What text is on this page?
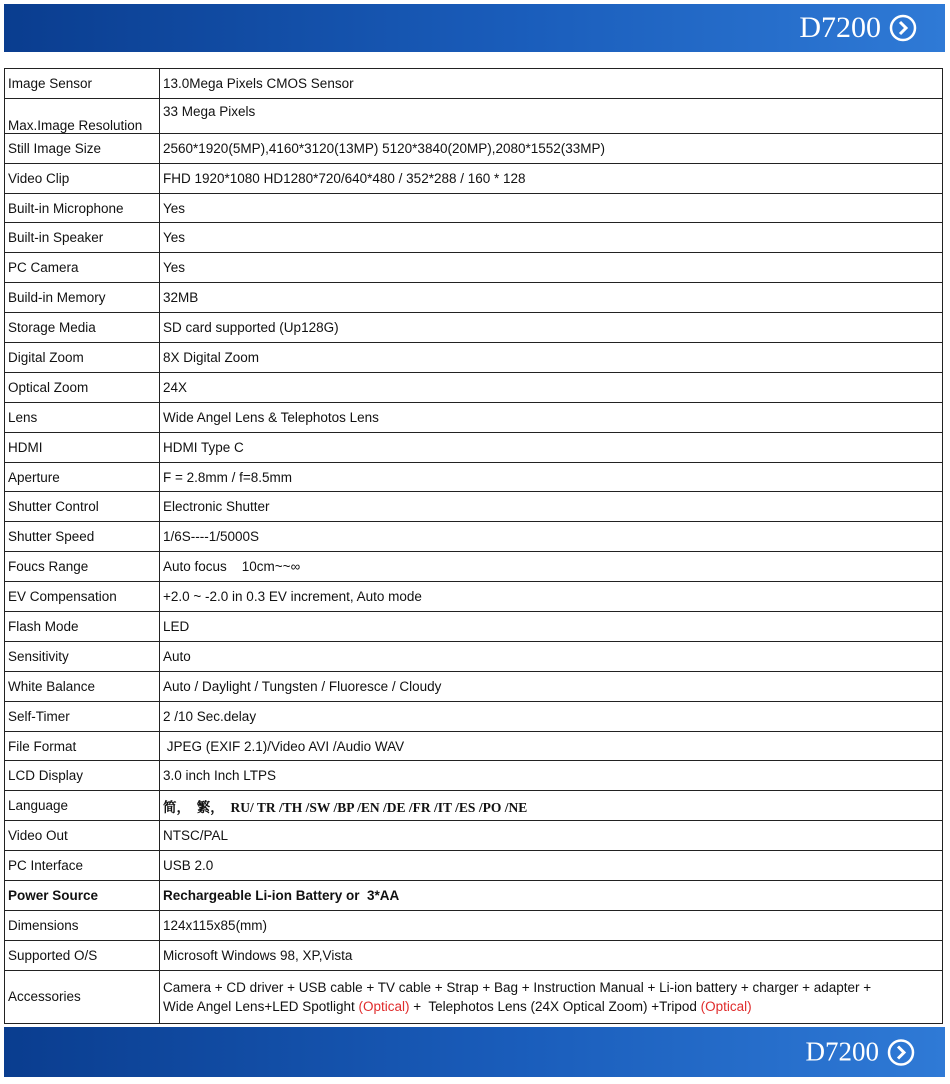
D7200
Image Sensor	13.0Mega Pixels CMOS Sensor
Max.Image Resolution	33 Mega Pixels
Still Image Size	2560*1920(5MP),4160*3120(13MP) 5120*3840(20MP),2080*1552(33MP)
Video Clip	FHD 1920*1080 HD1280*720/640*480 / 352*288 / 160 * 128
Built-in Microphone	Yes
Built-in Speaker	Yes
PC Camera	Yes
Build-in Memory	32MB
Storage Media	SD card supported (Up128G)
Digital Zoom	8X Digital Zoom
Optical Zoom	24X
Lens	Wide Angel Lens & Telephotos Lens
HDMI	HDMI Type C
Aperture	F = 2.8mm / f=8.5mm
Shutter Control	Electronic Shutter
Shutter Speed	1/6S----1/5000S
Foucs Range	Auto focus    10cm~~∞
EV Compensation	+2.0 ~ -2.0 in 0.3 EV increment, Auto mode
Flash Mode	LED
Sensitivity	Auto
White Balance	Auto / Daylight / Tungsten / Fluoresce / Cloudy
Self-Timer	2 /10 Sec.delay
File Format	JPEG (EXIF 2.1)/Video AVI /Audio WAV
LCD Display	3.0 inch Inch LTPS
Language	简，  繁，  RU/ TR /TH /SW /BP /EN /DE /FR /IT /ES /PO /NE
Video Out	NTSC/PAL
PC Interface	USB 2.0
Power Source	Rechargeable Li-ion Battery or  3*AA
Dimensions	124x115x85(mm)
Supported O/S	Microsoft Windows 98, XP,Vista
Accessories	Camera + CD driver + USB cable + TV cable + Strap + Bag + Instruction Manual + Li-ion battery + charger + adapter +
Wide Angel Lens+LED Spotlight (Optical) +  Telephotos Lens (24X Optical Zoom) +Tripod (Optical)
D7200
